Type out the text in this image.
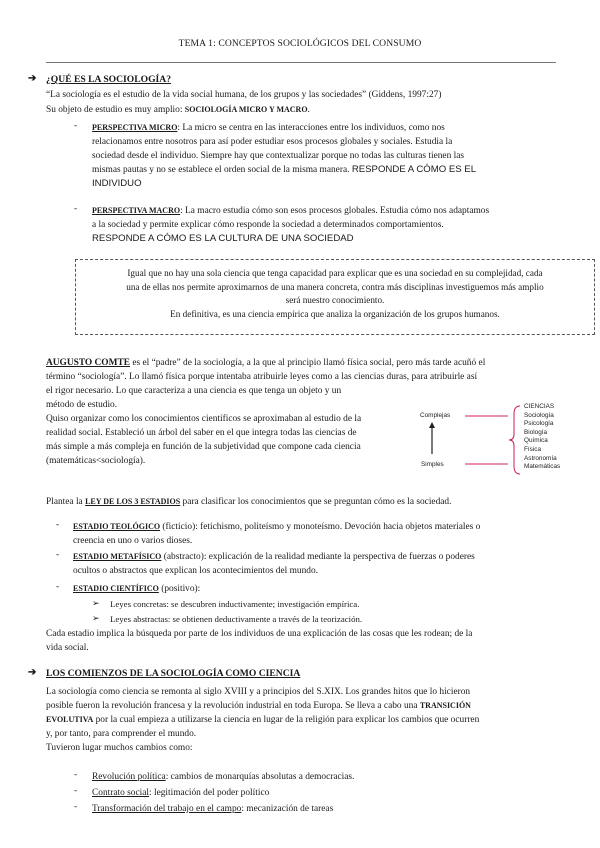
TEMA 1: CONCEPTOS SOCIOLÓGICOS DEL CONSUMO
➔ ¿QUÉ ES LA SOCIOLOGÍA?
“La sociología es el estudio de la vida social humana, de los grupos y las sociedades” (Giddens, 1997:27)
Su objeto de estudio es muy amplio: SOCIOLOGÍA MICRO Y MACRO.
- PERSPECTIVA MICRO: La micro se centra en las interacciones entre los individuos, como nos
relacionamos entre nosotros para así poder estudiar esos procesos globales y sociales. Estudia la
sociedad desde el individuo. Siempre hay que contextualizar porque no todas las culturas tienen las
mismas pautas y no se establece el orden social de la misma manera. RESPONDE A CÓMO ES EL
INDIVIDUO
- PERSPECTIVA MACRO: La macro estudia cómo son esos procesos globales. Estudia cómo nos adaptamos
a la sociedad y permite explicar cómo responde la sociedad a determinados comportamientos.
RESPONDE A CÓMO ES LA CULTURA DE UNA SOCIEDAD

Igual que no hay una sola ciencia que tenga capacidad para explicar que es una sociedad en su complejidad, cada

una de ellas nos permite aproximarnos de una manera concreta, contra más disciplinas investiguemos más amplio

será nuestro conocimiento.

En definitiva, es una ciencia empírica que analiza la organización de los grupos humanos.

AUGUSTO COMTE es el “padre” de la sociología, a la que al principio llamó física social, pero más tarde acuñó el
término “sociología”. Lo llamó física porque intentaba atribuirle leyes como a las ciencias duras, para atribuirle así
el rigor necesario. Lo que caracteriza a una ciencia es que tenga un objeto y un
método de estudio.
Quiso organizar como los conocimientos científicos se aproximaban al estudio de la
realidad social. Estableció un árbol del saber en el que integra todas las ciencias de
más simple a más compleja en función de la subjetividad que compone cada ciencia
(matemáticas<sociología).
Complejas
Simples
CIENCIAS
Sociología
Psicología
Biología
Química
Física
Astronomía
Matemáticas
Plantea la LEY DE LOS 3 ESTADIOS para clasificar los conocimientos que se preguntan cómo es la sociedad.
- ESTADIO TEOLÓGICO (ficticio): fetichismo, politeísmo y monoteísmo. Devoción hacia objetos materiales o
creencia en uno o varios dioses.
- ESTADIO METAFÍSICO (abstracto): explicación de la realidad mediante la perspectiva de fuerzas o poderes
ocultos o abstractos que explican los acontecimientos del mundo.
- ESTADIO CIENTÍFICO (positivo):
➢ Leyes concretas: se descubren inductivamente; investigación empírica.
➢ Leyes abstractas: se obtienen deductivamente a través de la teorización.
Cada estadio implica la búsqueda por parte de los individuos de una explicación de las cosas que les rodean; de la
vida social.
➔ LOS COMIENZOS DE LA SOCIOLOGÍA COMO CIENCIA
La sociología como ciencia se remonta al siglo XVIII y a principios del S.XIX. Los grandes hitos que lo hicieron
posible fueron la revolución francesa y la revolución industrial en toda Europa. Se lleva a cabo una TRANSICIÓN
EVOLUTIVA por la cual empieza a utilizarse la ciencia en lugar de la religión para explicar los cambios que ocurren
y, por tanto, para comprender el mundo.
Tuvieron lugar muchos cambios como:
- Revolución política: cambios de monarquías absolutas a democracias.
- Contrato social: legitimación del poder político
- Transformación del trabajo en el campo: mecanización de tareas
